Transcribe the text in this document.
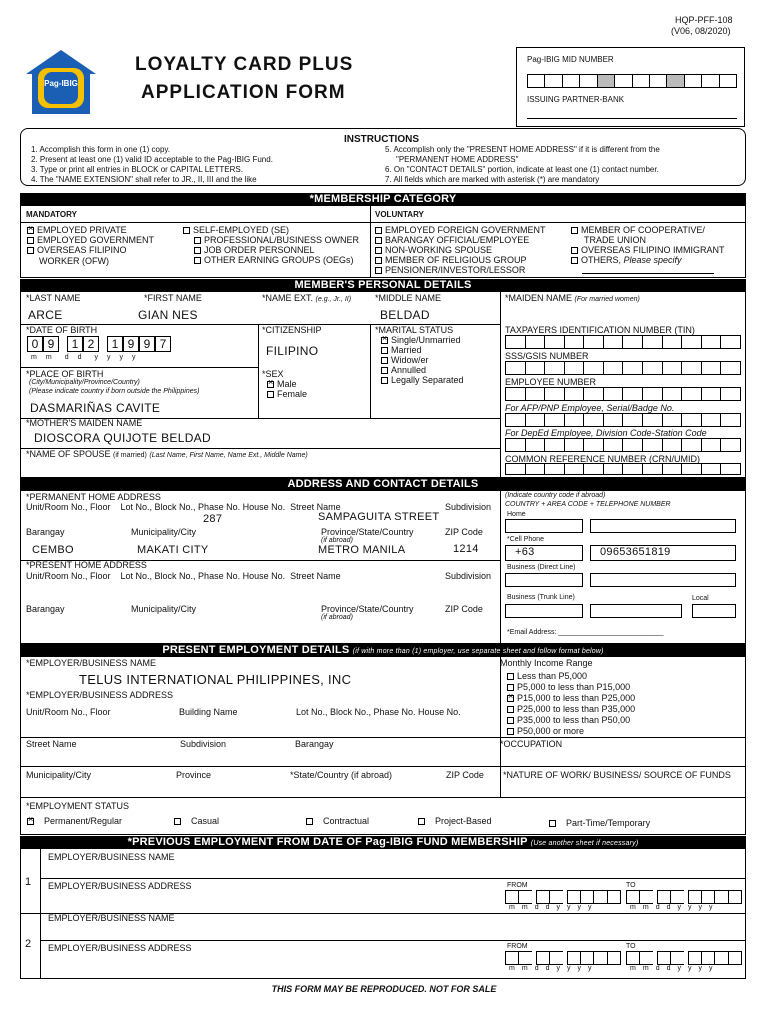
Pag-IBIG
LOYALTY CARD PLUS
APPLICATION FORM
HQP-PFF-108
(V06, 08/2020)
Pag-IBIG MID NUMBER
ISSUING PARTNER-BANK
INSTRUCTIONS
1. Accomplish this form in one (1) copy.
2. Present at least one (1) valid ID acceptable to the Pag-IBIG Fund.
3. Type or print all entries in BLOCK or CAPITAL LETTERS.
4. The "NAME EXTENSION" shall refer to JR., II, III and the like
5. Accomplish only the "PRESENT HOME ADDRESS" if it is different from the
"PERMANENT HOME ADDRESS"
6. On "CONTACT DETAILS" portion, indicate at least one (1) contact number.
7. All fields which are marked with asterisk (*) are mandatory
*MEMBERSHIP CATEGORY
MANDATORY	VOLUNTARY
×EMPLOYED PRIVATE
EMPLOYED GOVERNMENT
OVERSEAS FILIPINO
WORKER (OFW)
SELF-EMPLOYED (SE)
PROFESSIONAL/BUSINESS OWNER
JOB ORDER PERSONNEL
OTHER EARNING GROUPS (OEGs)
EMPLOYED FOREIGN GOVERNMENT
BARANGAY OFFICIAL/EMPLOYEE
NON-WORKING SPOUSE
MEMBER OF RELIGIOUS GROUP
PENSIONER/INVESTOR/LESSOR
MEMBER OF COOPERATIVE/
TRADE UNION
OVERSEAS FILIPINO IMMIGRANT
OTHERS, Please specify
MEMBER'S PERSONAL DETAILS
*LAST NAME
ARCE
*FIRST NAME
GIAN NES
*NAME EXT. (e.g., Jr., II)	*MIDDLE NAME
BELDAD
*MAIDEN NAME (For married women)
*DATE OF BIRTH
0 9	1 2	1 9 9 7
mm dd yyyy
*CITIZENSHIP
FILIPINO
*MARITAL STATUS
×Single/Unmarried
Married
Widow/er
Annulled
Legally Separated
*PLACE OF BIRTH
(City/Municipality/Province/Country)
(Please indicate country if born outside the Philippines)
DASMARIÑAS CAVITE
*SEX
×Male
Female
*MOTHER'S MAIDEN NAME
DIOSCORA QUIJOTE BELDAD
*NAME OF SPOUSE (if married) (Last Name, First Name, Name Ext., Middle Name)
TAXPAYERS IDENTIFICATION NUMBER (TIN)
SSS/GSIS NUMBER
EMPLOYEE NUMBER
For AFP/PNP Employee, Serial/Badge No.
For DepEd Employee, Division Code-Station Code
COMMON REFERENCE NUMBER (CRN/UMID)
ADDRESS AND CONTACT DETAILS
*PERMANENT HOME ADDRESS
Unit/Room No., Floor    Lot No., Block No., Phase No. House No.  Street Name	Subdivision
287	SAMPAGUITA STREET
Barangay	Municipality/City	Province/State/Country	ZIP Code
(if abroad)
CEMBO	MAKATI CITY	METRO MANILA	1214
*PRESENT HOME ADDRESS
Unit/Room No., Floor    Lot No., Block No., Phase No. House No.  Street Name	Subdivision
Barangay	Municipality/City	Province/State/Country	ZIP Code
(if abroad)
(Indicate country code if abroad)
COUNTRY + AREA CODE + TELEPHONE NUMBER
Home
*Cell Phone
+63	09653651819
Business (Direct Line)
Business (Trunk Line)	Local
*Email Address: ___________________________
PRESENT EMPLOYMENT DETAILS (if with more than (1) employer, use separate sheet and follow format below)
*EMPLOYER/BUSINESS NAME
TELUS INTERNATIONAL PHILIPPINES, INC
*EMPLOYER/BUSINESS ADDRESS
Unit/Room No., Floor	Building Name	Lot No., Block No., Phase No. House No.
Street Name	Subdivision	Barangay
Municipality/City	Province	*State/Country (if abroad)	ZIP Code
Monthly Income Range
Less than P5,000
P5,000 to less than P15,000
×P15,000 to less than P25,000
P25,000 to less than P35,000
P35,000 to less than P50,00
P50,000 or more
*OCCUPATION
*NATURE OF WORK/ BUSINESS/ SOURCE OF FUNDS
*EMPLOYMENT STATUS
×Permanent/Regular	Casual	Contractual	Project-Based	Part-Time/Temporary
*PREVIOUS EMPLOYMENT FROM DATE OF Pag-IBIG FUND MEMBERSHIP (Use another sheet if necessary)
1
EMPLOYER/BUSINESS NAME
EMPLOYER/BUSINESS ADDRESS	FROM	TO
mmddyyyy	mmddyyyy
2
EMPLOYER/BUSINESS NAME
EMPLOYER/BUSINESS ADDRESS	FROM	TO
mmddyyyy	mmddyyyy
THIS FORM MAY BE REPRODUCED. NOT FOR SALE
